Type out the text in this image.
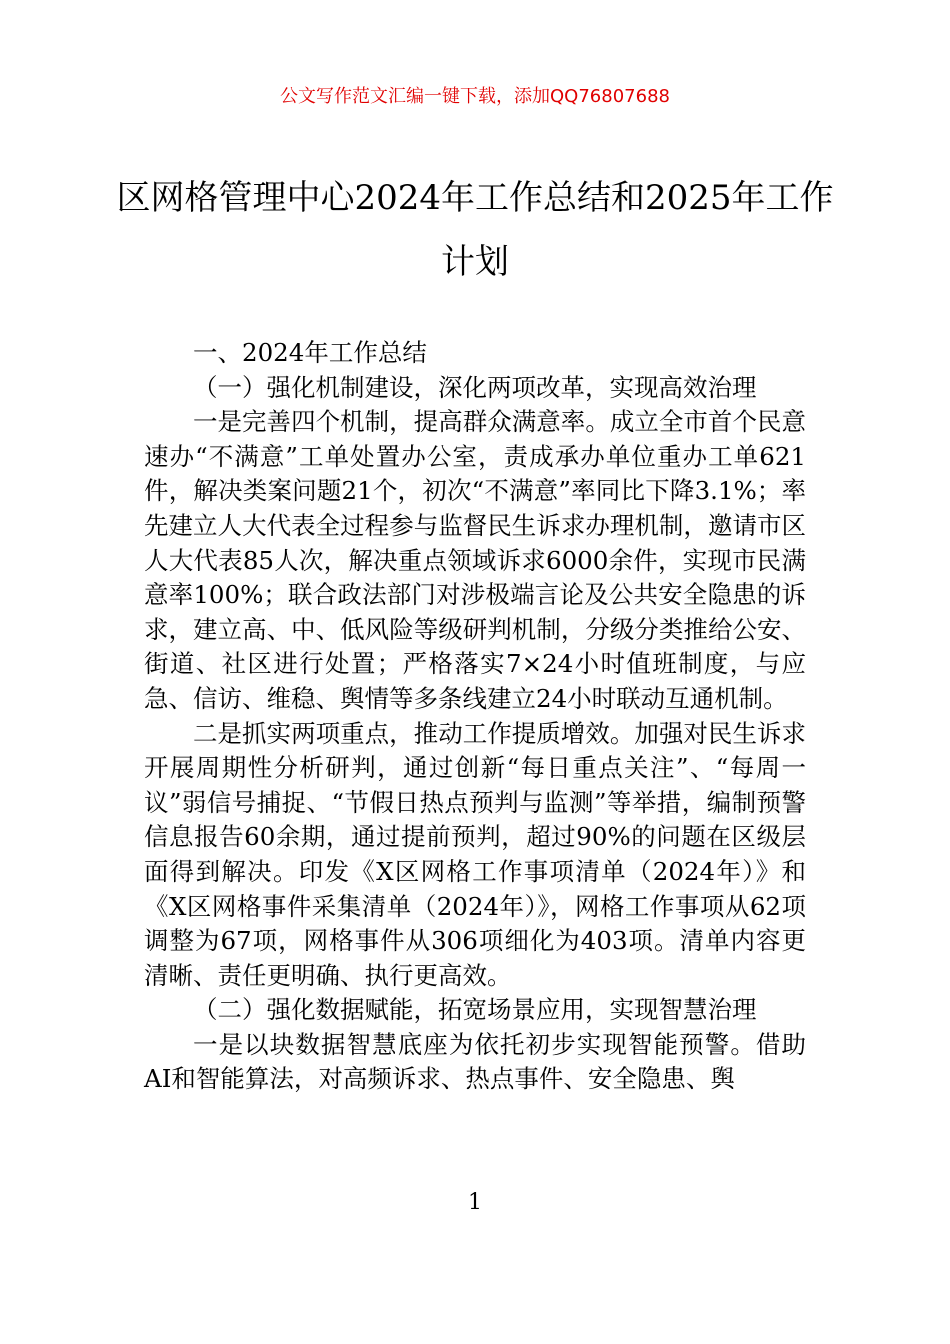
公文写作范文汇编一键下载，添加QQ76807688
区网格管理中心2024年工作总结和2025年工作计划

一、2024年工作总结

（一）强化机制建设，深化两项改革，实现高效治理

一是完善四个机制，提高群众满意率。成立全市首个民意速办“不满意”工单处置办公室，责成承办单位重办工单621件，解决类案问题21个，初次“不满意”率同比下降3.1%；率先建立人大代表全过程参与监督民生诉求办理机制，邀请市区人大代表85人次，解决重点领域诉求6000余件，实现市民满意率100%；联合政法部门对涉极端言论及公共安全隐患的诉求，建立高、中、低风险等级研判机制，分级分类推给公安、街道、社区进行处置；严格落实7×24小时值班制度，与应急、信访、维稳、舆情等多条线建立24小时联动互通机制。

二是抓实两项重点，推动工作提质增效。加强对民生诉求开展周期性分析研判，通过创新“每日重点关注”、“每周一议”弱信号捕捉、“节假日热点预判与监测”等举措，编制预警信息报告60余期，通过提前预判，超过90%的问题在区级层面得到解决。印发《X区网格工作事项清单（2024年）》和《X区网格事件采集清单（2024年）》，网格工作事项从62项调整为67项，网格事件从306项细化为403项。清单内容更清晰、责任更明确、执行更高效。

（二）强化数据赋能，拓宽场景应用，实现智慧治理

一是以块数据智慧底座为依托初步实现智能预警。借助AI和智能算法，对高频诉求、热点事件、安全隐患、舆

1
